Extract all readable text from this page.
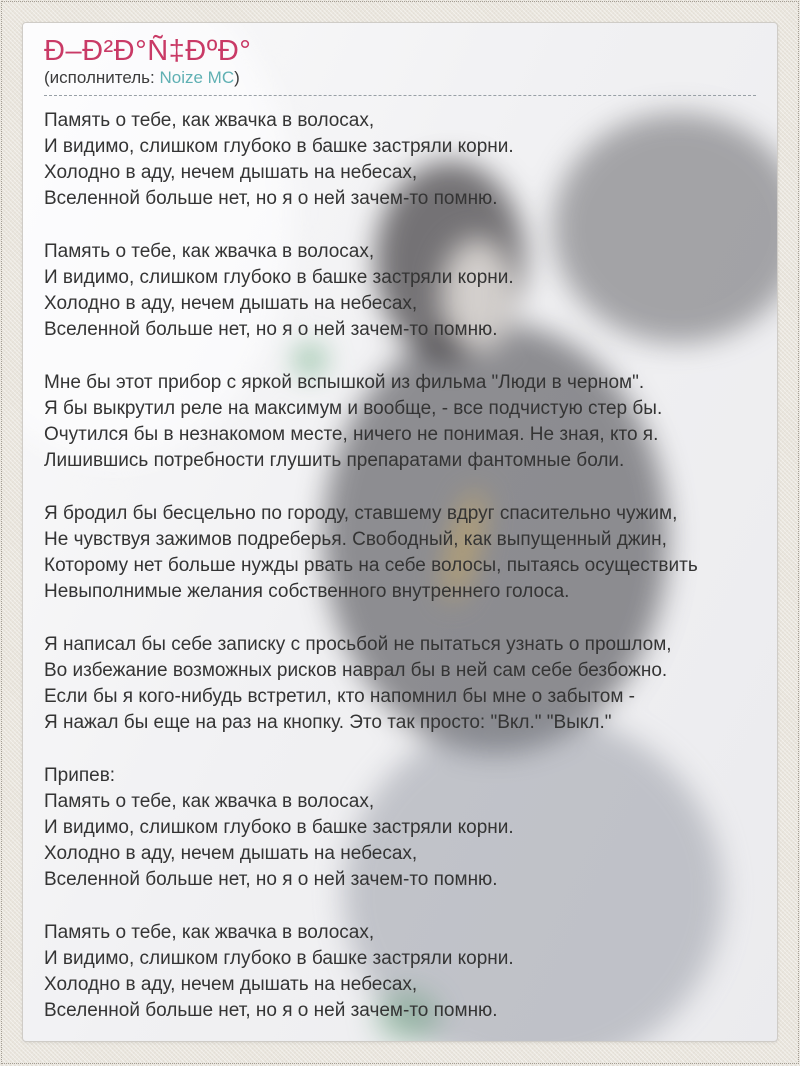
Ð–Ð²Ð°Ñ‡ÐºÐ°
(исполнитель: Noize MC)

Память о тебе, как жвачка в волосах,
И видимо, слишком глубоко в башке застряли корни.
Холодно в аду, нечем дышать на небесах,
Вселенной больше нет, но я о ней зачем-то помню.

Память о тебе, как жвачка в волосах,
И видимо, слишком глубоко в башке застряли корни.
Холодно в аду, нечем дышать на небесах,
Вселенной больше нет, но я о ней зачем-то помню.

Мне бы этот прибор с яркой вспышкой из фильма "Люди в черном".
Я бы выкрутил реле на максимум и вообще, - все подчистую стер бы.
Очутился бы в незнакомом месте, ничего не понимая. Не зная, кто я.
Лишившись потребности глушить препаратами фантомные боли.

Я бродил бы бесцельно по городу, ставшему вдруг спасительно чужим,
Не чувствуя зажимов подреберья. Свободный, как выпущенный джин,
Которому нет больше нужды рвать на себе волосы, пытаясь осуществить
Невыполнимые желания собственного внутреннего голоса.

Я написал бы себе записку с просьбой не пытаться узнать о прошлом,
Во избежание возможных рисков наврал бы в ней сам себе безбожно.
Если бы я кого-нибудь встретил, кто напомнил бы мне о забытом -
Я нажал бы еще на раз на кнопку. Это так просто: "Вкл." "Выкл."

Припев:
Память о тебе, как жвачка в волосах,
И видимо, слишком глубоко в башке застряли корни.
Холодно в аду, нечем дышать на небесах,
Вселенной больше нет, но я о ней зачем-то помню.

Память о тебе, как жвачка в волосах,
И видимо, слишком глубоко в башке застряли корни.
Холодно в аду, нечем дышать на небесах,
Вселенной больше нет, но я о ней зачем-то помню.
